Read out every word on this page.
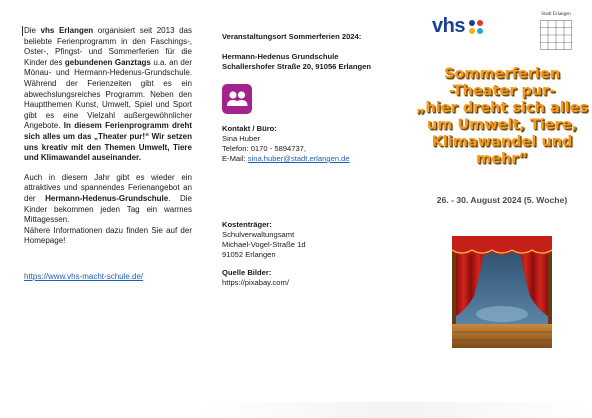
Die vhs Erlangen organisiert seit 2013 das beliebte Ferienprogramm in den Faschings-, Oster-, Pfingst- und Sommerferien für die Kinder des gebundenen Ganztags u.a. an der Mönau- und Hermann-Hedenus-Grundschule. Während der Ferienzeiten gibt es ein abwechslungsreiches Programm. Neben den Hauptthemen Kunst, Umwelt, Spiel und Sport gibt es eine Vielzahl außergewöhnlicher Angebote. In diesem Ferienprogramm dreht sich alles um das „Theater pur!“ Wir setzen uns kreativ mit den Themen Umwelt, Tiere und Klimawandel auseinander.

Auch in diesem Jahr gibt es wieder ein attraktives und spannendes Ferienangebot an der Hermann-Hedenus-Grundschule. Die Kinder bekommen jeden Tag ein warmes Mittagessen.
Nähere Informationen dazu finden Sie auf der Homepage!

https://www.vhs-macht-schule.de/
Veranstaltungsort Sommerferien 2024:
Hermann-Hedenus Grundschule
Schallershofer Straße 20, 91056 Erlangen
Kontakt / Büro:
Sina Huber
Telefon: 0170 - 5894737,
E-Mail: sina.huber@stadt.erlangen.de
Kostenträger:
Schulverwaltungsamt
Michael-Vogel-Straße 1d
91052 Erlangen
Quelle Bilder:
https://pixabay.com/
vhs
Stadt Erlangen
Sommerferien
-Theater pur-
„hier dreht sich alles
um Umwelt, Tiere,
Klimawandel und
mehr“
26. - 30. August 2024 (5. Woche)
